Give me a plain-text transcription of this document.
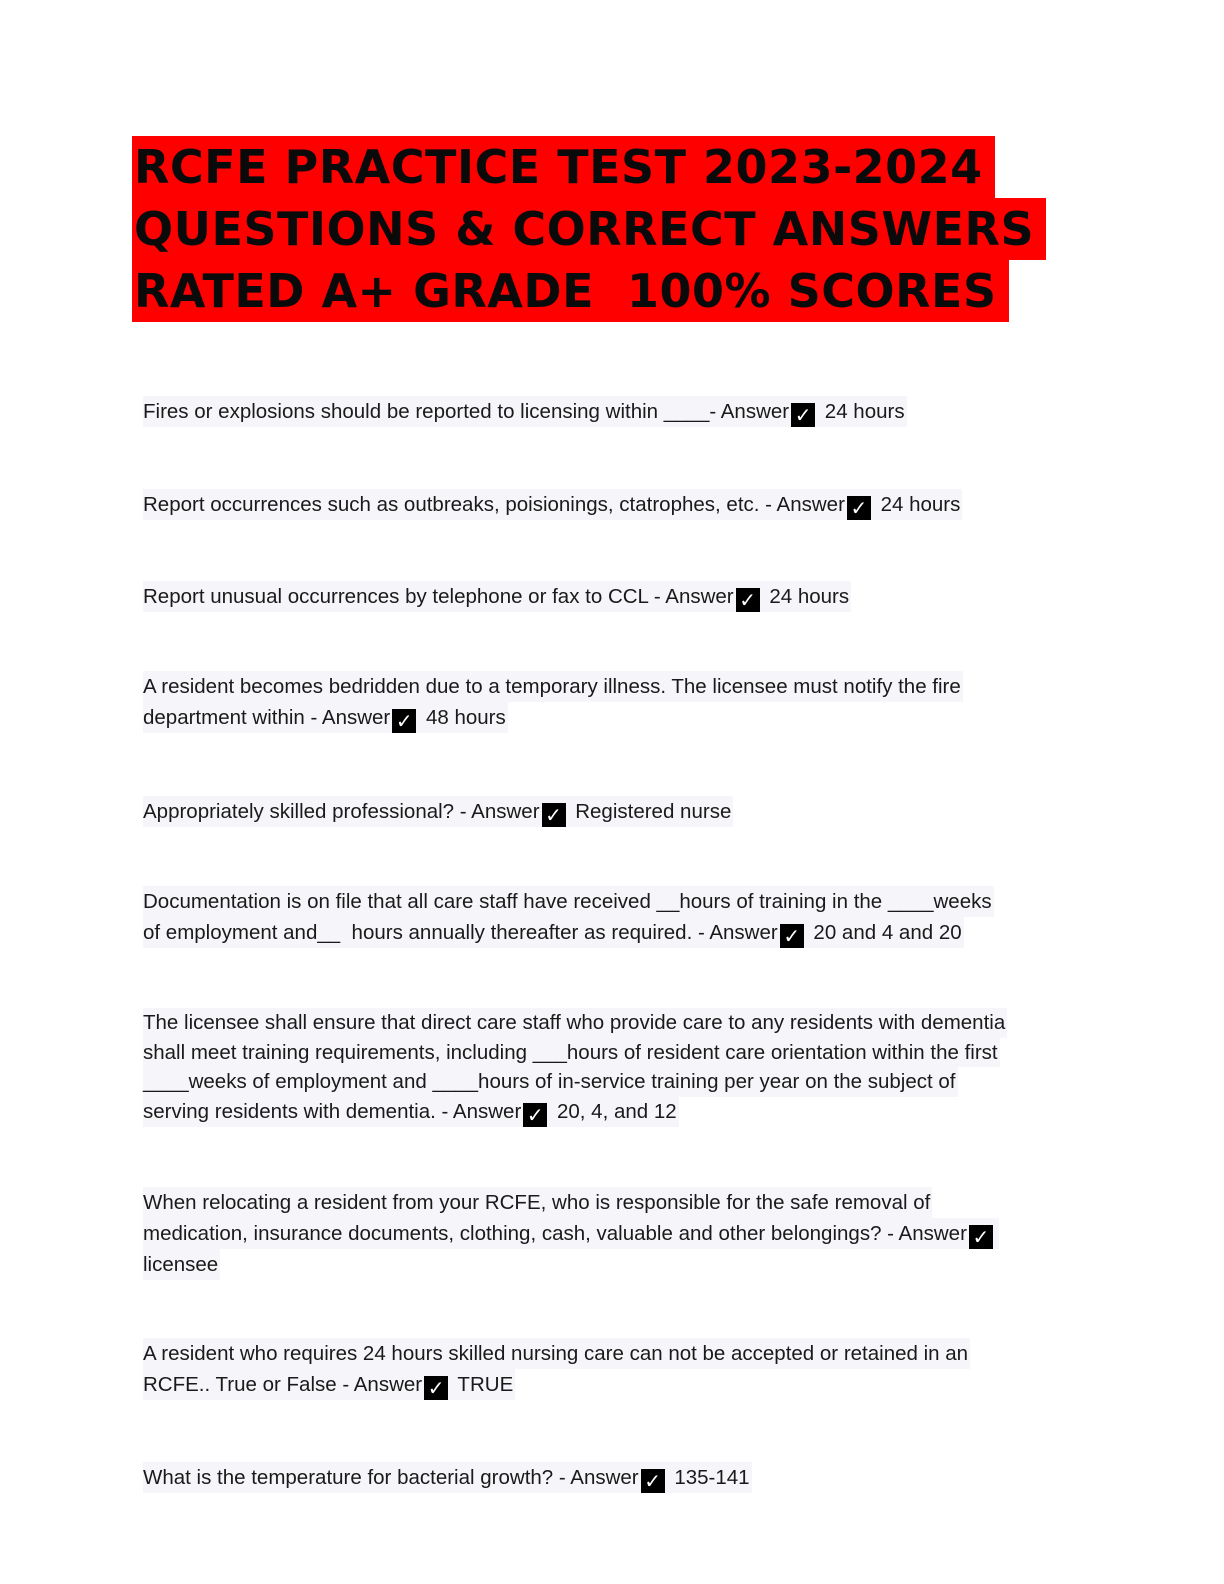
RCFE PRACTICE TEST 2023-2024
QUESTIONS & CORRECT ANSWERS
RATED A+ GRADE  100% SCORES
Fires or explosions should be reported to licensing within ____- Answer ✓ 24 hours
Report occurrences such as outbreaks, poisionings, ctatrophes, etc. - Answer ✓ 24 hours
Report unusual occurrences by telephone or fax to CCL - Answer ✓ 24 hours
A resident becomes bedridden due to a temporary illness. The licensee must notify the fire
department within - Answer ✓ 48 hours
Appropriately skilled professional? - Answer ✓ Registered nurse
Documentation is on file that all care staff have received __hours of training in the ____weeks
of employment and__  hours annually thereafter as required. - Answer ✓ 20 and 4 and 20
The licensee shall ensure that direct care staff who provide care to any residents with dementia
shall meet training requirements, including ___hours of resident care orientation within the first
____weeks of employment and ____hours of in-service training per year on the subject of
serving residents with dementia. - Answer ✓ 20, 4, and 12
When relocating a resident from your RCFE, who is responsible for the safe removal of
medication, insurance documents, clothing, cash, valuable and other belongings? - Answer ✓
licensee
A resident who requires 24 hours skilled nursing care can not be accepted or retained in an
RCFE.. True or False - Answer ✓ TRUE
What is the temperature for bacterial growth? - Answer ✓ 135-141
